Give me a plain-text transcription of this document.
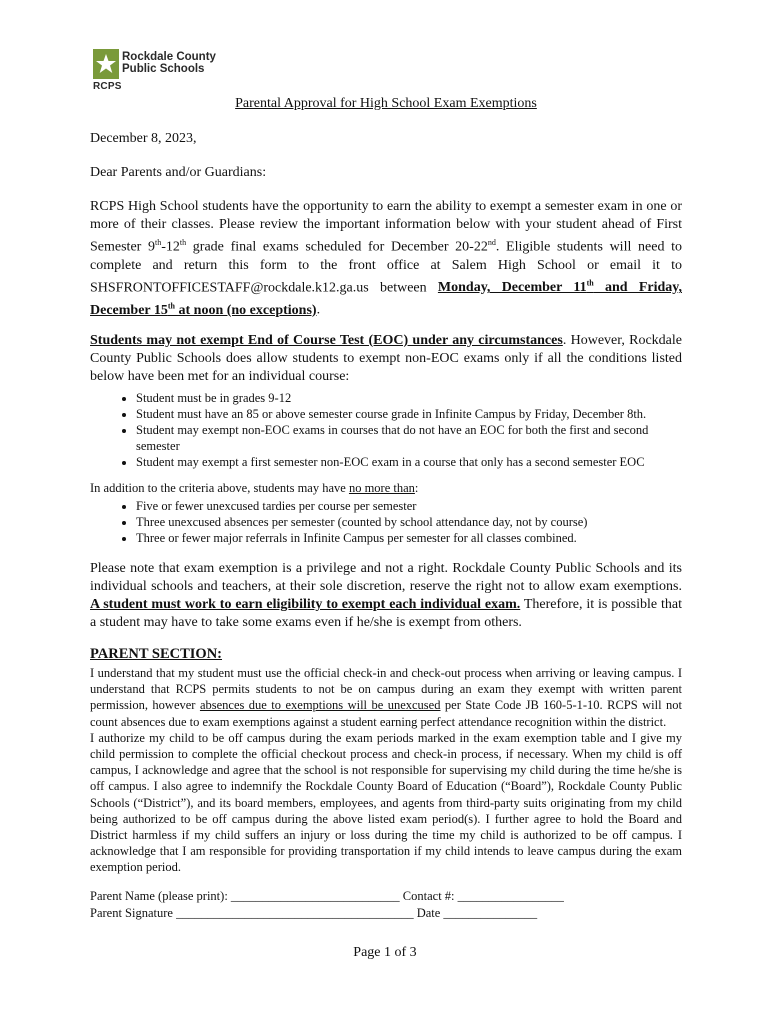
Rockdale County
Public Schools
RCPS
Parental Approval for High School Exam Exemptions

December 8, 2023,

Dear Parents and/or Guardians:

RCPS High School students have the opportunity to earn the ability to exempt a semester exam in one or more of their classes. Please review the important information below with your student ahead of First Semester 9th-12th grade final exams scheduled for December 20-22nd. Eligible students will need to complete and return this form to the front office at Salem High School or email it to SHSFRONTOFFICESTAFF@rockdale.k12.ga.us between Monday, December 11th and Friday, December 15th at noon (no exceptions).

Students may not exempt End of Course Test (EOC) under any circumstances. However, Rockdale County Public Schools does allow students to exempt non-EOC exams only if all the conditions listed below have been met for an individual course:

• Student must be in grades 9-12
• Student must have an 85 or above semester course grade in Infinite Campus by Friday, December 8th.
• Student may exempt non-EOC exams in courses that do not have an EOC for both the first and second semester
• Student may exempt a first semester non-EOC exam in a course that only has a second semester EOC

In addition to the criteria above, students may have no more than:

• Five or fewer unexcused tardies per course per semester
• Three unexcused absences per semester (counted by school attendance day, not by course)
• Three or fewer major referrals in Infinite Campus per semester for all classes combined.

Please note that exam exemption is a privilege and not a right. Rockdale County Public Schools and its individual schools and teachers, at their sole discretion, reserve the right not to allow exam exemptions. A student must work to earn eligibility to exempt each individual exam. Therefore, it is possible that a student may have to take some exams even if he/she is exempt from others.

PARENT SECTION:

I understand that my student must use the official check-in and check-out process when arriving or leaving campus. I understand that RCPS permits students to not be on campus during an exam they exempt with written parent permission, however absences due to exemptions will be unexcused per State Code JB 160-5-1-10. RCPS will not count absences due to exam exemptions against a student earning perfect attendance recognition within the district.

I authorize my child to be off campus during the exam periods marked in the exam exemption table and I give my child permission to complete the official checkout process and check-in process, if necessary. When my child is off campus, I acknowledge and agree that the school is not responsible for supervising my child during the time he/she is off campus. I also agree to indemnify the Rockdale County Board of Education (“Board”), Rockdale County Public Schools (“District”), and its board members, employees, and agents from third-party suits originating from my child being authorized to be off campus during the above listed exam period(s). I further agree to hold the Board and District harmless if my child suffers an injury or loss during the time my child is authorized to be off campus. I acknowledge that I am responsible for providing transportation if my child intends to leave campus during the exam exemption period.

Parent Name (please print): ___________________________ Contact #: _________________
Parent Signature ______________________________________ Date _______________
Page 1 of 3
